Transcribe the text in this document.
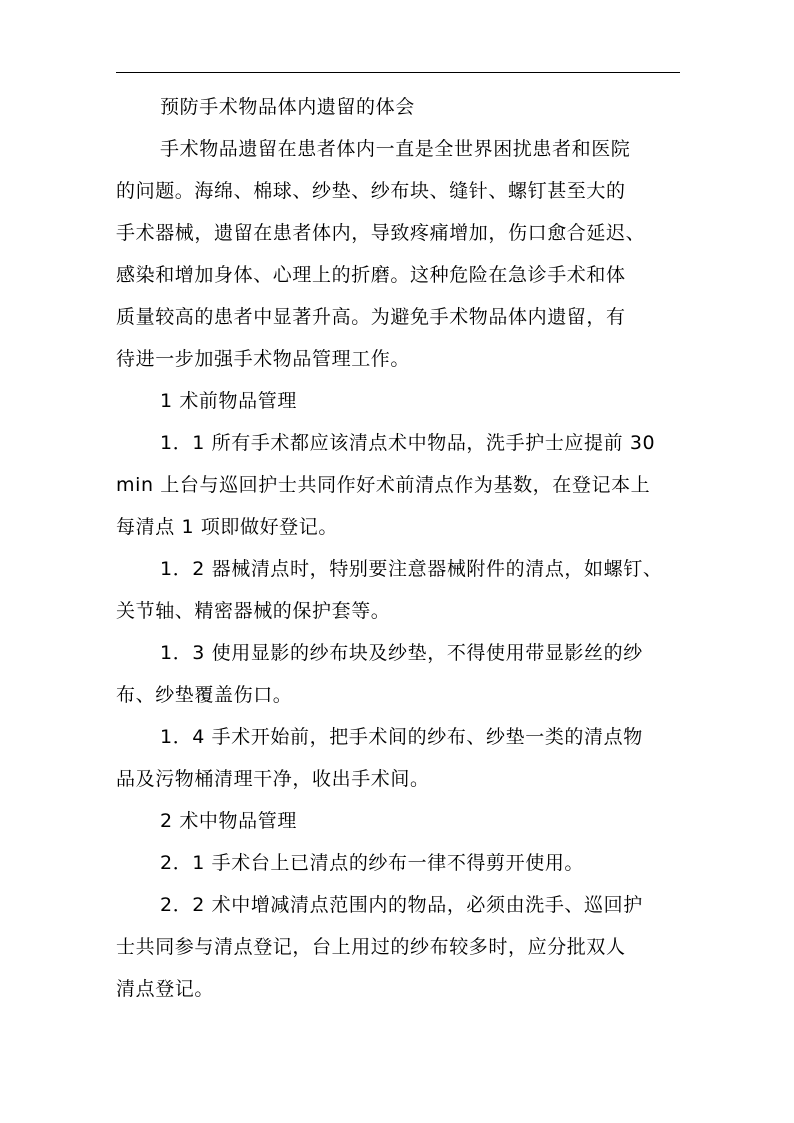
预防手术物品体内遗留的体会
手术物品遗留在患者体内一直是全世界困扰患者和医院
的问题。海绵、棉球、纱垫、纱布块、缝针、螺钉甚至大的
手术器械，遗留在患者体内，导致疼痛增加，伤口愈合延迟、
感染和增加身体、心理上的折磨。这种危险在急诊手术和体
质量较高的患者中显著升高。为避免手术物品体内遗留，有
待进一步加强手术物品管理工作。
1 术前物品管理
1．1 所有手术都应该清点术中物品，洗手护士应提前 30
min 上台与巡回护士共同作好术前清点作为基数，在登记本上
每清点 1 项即做好登记。
1．2 器械清点时，特别要注意器械附件的清点，如螺钉、
关节轴、精密器械的保护套等。
1．3 使用显影的纱布块及纱垫，不得使用带显影丝的纱
布、纱垫覆盖伤口。
1．4 手术开始前，把手术间的纱布、纱垫一类的清点物
品及污物桶清理干净，收出手术间。
2 术中物品管理
2．1 手术台上已清点的纱布一律不得剪开使用。
2．2 术中增减清点范围内的物品，必须由洗手、巡回护
士共同参与清点登记，台上用过的纱布较多时，应分批双人
清点登记。
